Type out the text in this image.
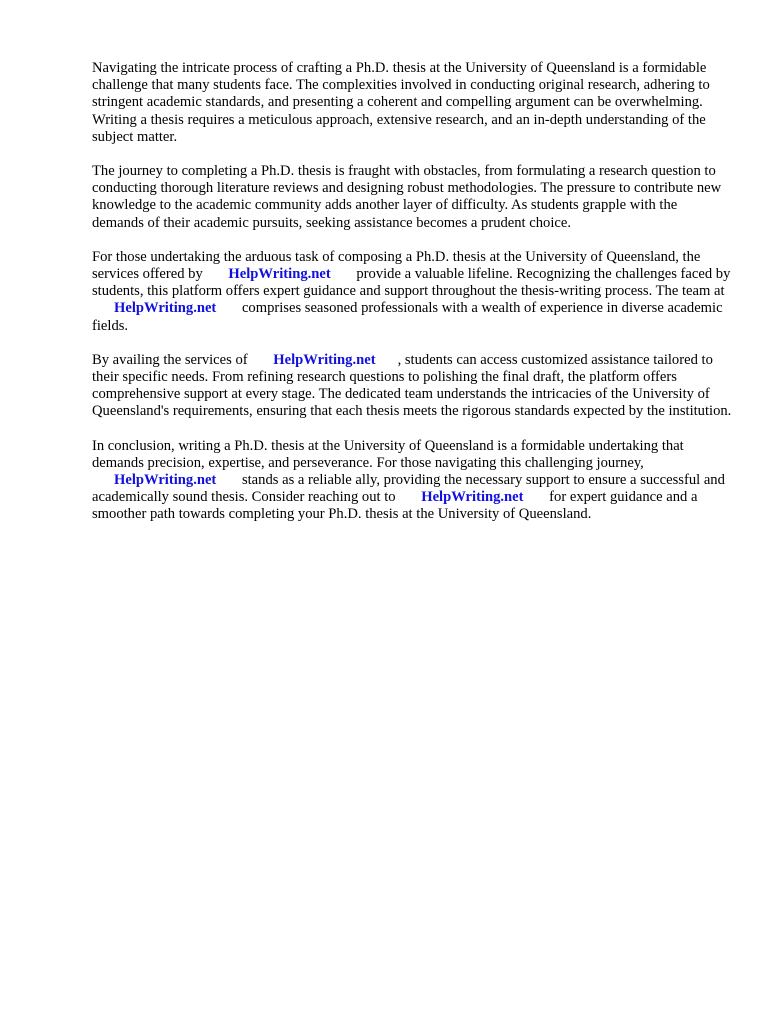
Navigating the intricate process of crafting a Ph.D. thesis at the University of Queensland is a formidable challenge that many students face. The complexities involved in conducting original research, adhering to stringent academic standards, and presenting a coherent and compelling argument can be overwhelming. Writing a thesis requires a meticulous approach, extensive research, and an in-depth understanding of the subject matter.

The journey to completing a Ph.D. thesis is fraught with obstacles, from formulating a research question to conducting thorough literature reviews and designing robust methodologies. The pressure to contribute new knowledge to the academic community adds another layer of difficulty. As students grapple with the demands of their academic pursuits, seeking assistance becomes a prudent choice.

For those undertaking the arduous task of composing a Ph.D. thesis at the University of Queensland, the services offered by HelpWriting.net provide a valuable lifeline. Recognizing the challenges faced by students, this platform offers expert guidance and support throughout the thesis-writing process. The team at HelpWriting.net comprises seasoned professionals with a wealth of experience in diverse academic fields.

By availing the services of HelpWriting.net , students can access customized assistance tailored to their specific needs. From refining research questions to polishing the final draft, the platform offers comprehensive support at every stage. The dedicated team understands the intricacies of the University of Queensland's requirements, ensuring that each thesis meets the rigorous standards expected by the institution.

In conclusion, writing a Ph.D. thesis at the University of Queensland is a formidable undertaking that demands precision, expertise, and perseverance. For those navigating this challenging journey, HelpWriting.net stands as a reliable ally, providing the necessary support to ensure a successful and academically sound thesis. Consider reaching out to HelpWriting.net for expert guidance and a smoother path towards completing your Ph.D. thesis at the University of Queensland.
